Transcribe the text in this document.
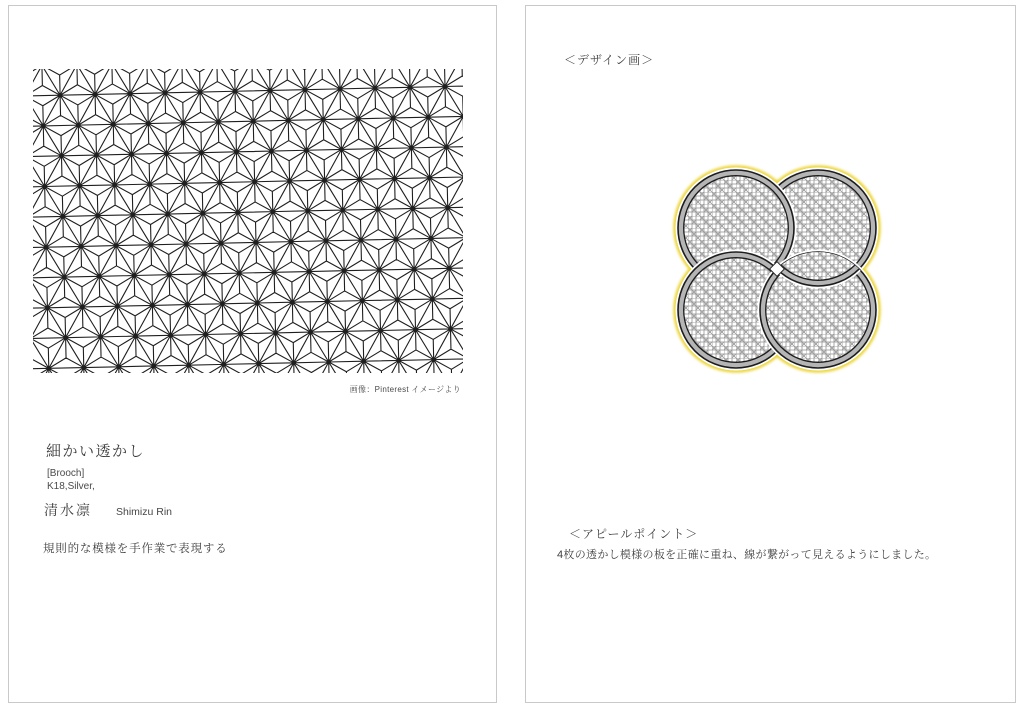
画像：Pinterest イメージより
細かい透かし
[Brooch]
K18,Silver,
清水凛 Shimizu Rin
規則的な模様を手作業で表現する
＜デザイン画＞
＜アピールポイント＞
4枚の透かし模様の板を正確に重ね、線が繋がって見えるようにしました。
